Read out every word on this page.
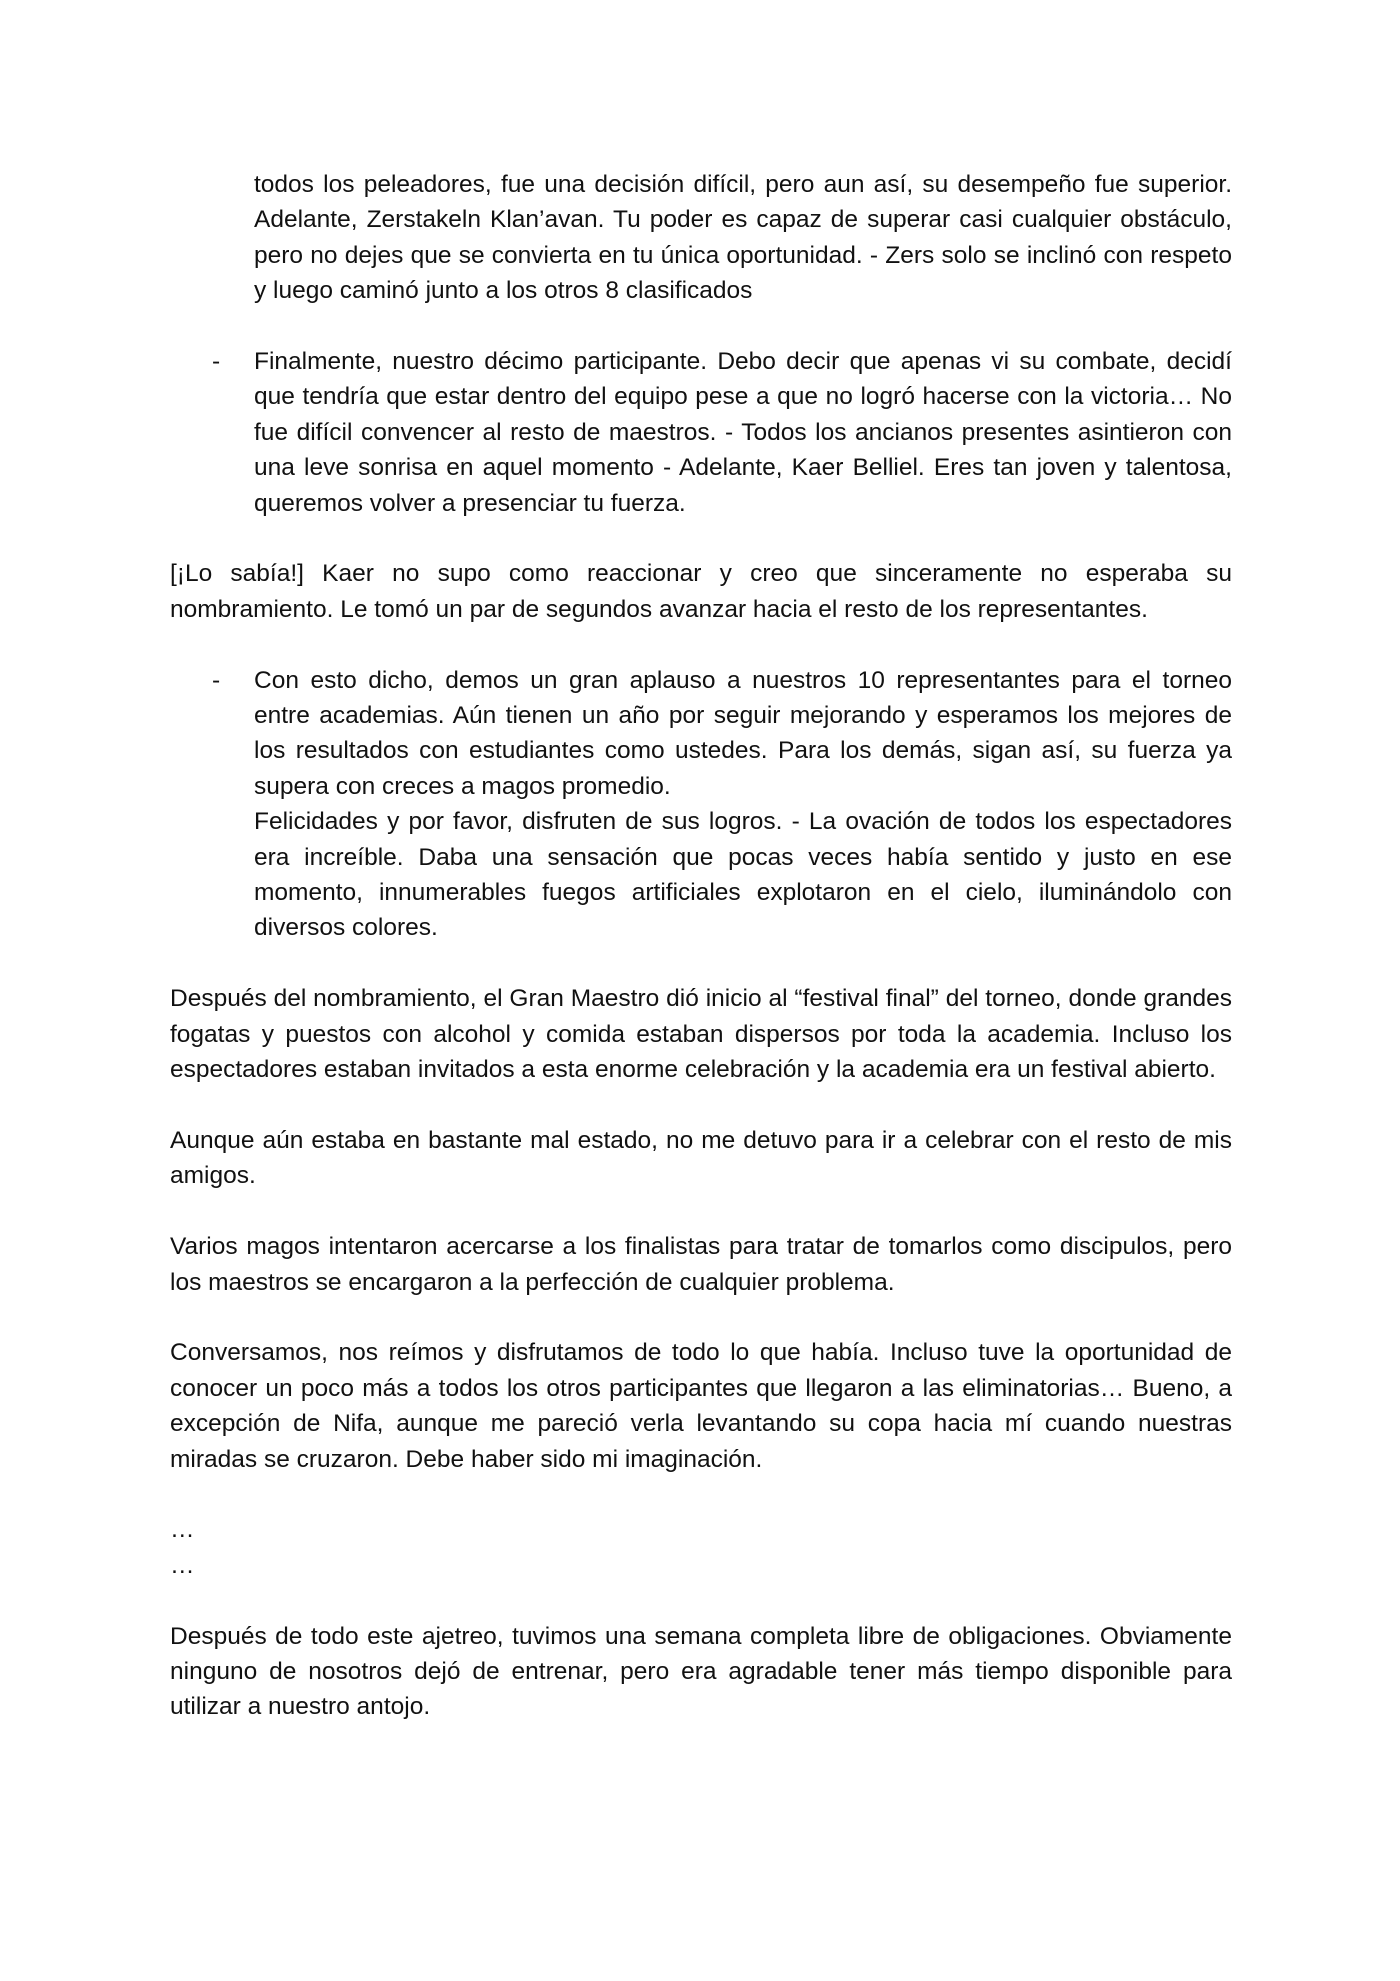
todos los peleadores, fue una decisión difícil, pero aun así, su desempeño fue superior. Adelante, Zerstakeln Klan’avan. Tu poder es capaz de superar casi cualquier obstáculo, pero no dejes que se convierta en tu única oportunidad. - Zers solo se inclinó con respeto y luego caminó junto a los otros 8 clasificados

- Finalmente, nuestro décimo participante. Debo decir que apenas vi su combate, decidí que tendría que estar dentro del equipo pese a que no logró hacerse con la victoria… No fue difícil convencer al resto de maestros. - Todos los ancianos presentes asintieron con una leve sonrisa en aquel momento - Adelante, Kaer Belliel. Eres tan joven y talentosa, queremos volver a presenciar tu fuerza.

[¡Lo sabía!] Kaer no supo como reaccionar y creo que sinceramente no esperaba su nombramiento. Le tomó un par de segundos avanzar hacia el resto de los representantes.

- Con esto dicho, demos un gran aplauso a nuestros 10 representantes para el torneo entre academias. Aún tienen un año por seguir mejorando y esperamos los mejores de los resultados con estudiantes como ustedes. Para los demás, sigan así, su fuerza ya supera con creces a magos promedio.

Felicidades y por favor, disfruten de sus logros. - La ovación de todos los espectadores era increíble. Daba una sensación que pocas veces había sentido y justo en ese momento, innumerables fuegos artificiales explotaron en el cielo, iluminándolo con diversos colores.

Después del nombramiento, el Gran Maestro dió inicio al “festival final” del torneo, donde grandes fogatas y puestos con alcohol y comida estaban dispersos por toda la academia. Incluso los espectadores estaban invitados a esta enorme celebración y la academia era un festival abierto.

Aunque aún estaba en bastante mal estado, no me detuvo para ir a celebrar con el resto de mis amigos.

Varios magos intentaron acercarse a los finalistas para tratar de tomarlos como discipulos, pero los maestros se encargaron a la perfección de cualquier problema.

Conversamos, nos reímos y disfrutamos de todo lo que había. Incluso tuve la oportunidad de conocer un poco más a todos los otros participantes que llegaron a las eliminatorias… Bueno, a excepción de Nifa, aunque me pareció verla levantando su copa hacia mí cuando nuestras miradas se cruzaron. Debe haber sido mi imaginación.

…

…

Después de todo este ajetreo, tuvimos una semana completa libre de obligaciones. Obviamente ninguno de nosotros dejó de entrenar, pero era agradable tener más tiempo disponible para utilizar a nuestro antojo.
